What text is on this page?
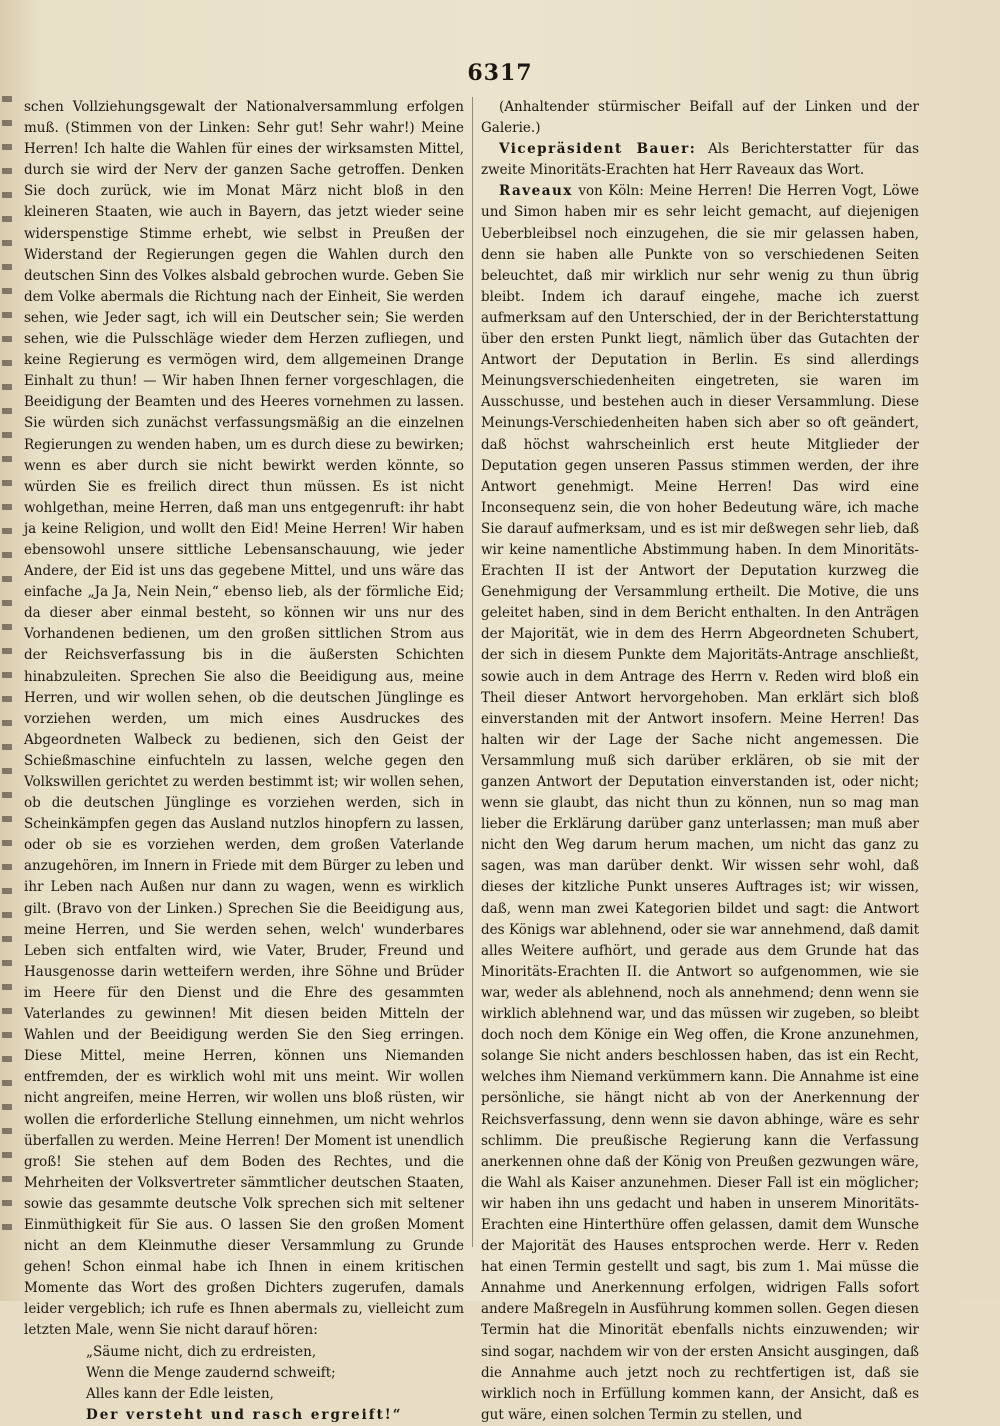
6317

schen Vollziehungsgewalt der Nationalversammlung erfolgen muß. (Stimmen von der Linken: Sehr gut! Sehr wahr!) Meine Herren! Ich halte die Wahlen für eines der wirksamsten Mittel, durch sie wird der Nerv der ganzen Sache getroffen. Denken Sie doch zurück, wie im Monat März nicht bloß in den kleineren Staaten, wie auch in Bayern, das jetzt wieder seine widerspenstige Stimme erhebt, wie selbst in Preußen der Widerstand der Regierungen gegen die Wahlen durch den deutschen Sinn des Volkes alsbald gebrochen wurde. Geben Sie dem Volke abermals die Richtung nach der Einheit, Sie werden sehen, wie Jeder sagt, ich will ein Deutscher sein; Sie werden sehen, wie die Pulsschläge wieder dem Herzen zufliegen, und keine Regierung es vermögen wird, dem allgemeinen Drange Einhalt zu thun! — Wir haben Ihnen ferner vorgeschlagen, die Beeidigung der Beamten und des Heeres vornehmen zu lassen. Sie würden sich zunächst verfassungsmäßig an die einzelnen Regierungen zu wenden haben, um es durch diese zu bewirken; wenn es aber durch sie nicht bewirkt werden könnte, so würden Sie es freilich direct thun müssen. Es ist nicht wohlgethan, meine Herren, daß man uns entgegenruft: ihr habt ja keine Religion, und wollt den Eid! Meine Herren! Wir haben ebensowohl unsere sittliche Lebensanschauung, wie jeder Andere, der Eid ist uns das gegebene Mittel, und uns wäre das einfache „Ja Ja, Nein Nein,“ ebenso lieb, als der förmliche Eid; da dieser aber einmal besteht, so können wir uns nur des Vorhandenen bedienen, um den großen sittlichen Strom aus der Reichsverfassung bis in die äußersten Schichten hinabzuleiten. Sprechen Sie also die Beeidigung aus, meine Herren, und wir wollen sehen, ob die deutschen Jünglinge es vorziehen werden, um mich eines Ausdruckes des Abgeordneten Walbeck zu bedienen, sich den Geist der Schießmaschine einfuchteln zu lassen, welche gegen den Volkswillen gerichtet zu werden bestimmt ist; wir wollen sehen, ob die deutschen Jünglinge es vorziehen werden, sich in Scheinkämpfen gegen das Ausland nutzlos hinopfern zu lassen, oder ob sie es vorziehen werden, dem großen Vaterlande anzugehören, im Innern in Friede mit dem Bürger zu leben und ihr Leben nach Außen nur dann zu wagen, wenn es wirklich gilt. (Bravo von der Linken.) Sprechen Sie die Beeidigung aus, meine Herren, und Sie werden sehen, welch' wunderbares Leben sich entfalten wird, wie Vater, Bruder, Freund und Hausgenosse darin wetteifern werden, ihre Söhne und Brüder im Heere für den Dienst und die Ehre des gesammten Vaterlandes zu gewinnen! Mit diesen beiden Mitteln der Wahlen und der Beeidigung werden Sie den Sieg erringen. Diese Mittel, meine Herren, können uns Niemanden entfremden, der es wirklich wohl mit uns meint. Wir wollen nicht angreifen, meine Herren, wir wollen uns bloß rüsten, wir wollen die erforderliche Stellung einnehmen, um nicht wehrlos überfallen zu werden. Meine Herren! Der Moment ist unendlich groß! Sie stehen auf dem Boden des Rechtes, und die Mehrheiten der Volksvertreter sämmtlicher deutschen Staaten, sowie das gesammte deutsche Volk sprechen sich mit seltener Einmüthigkeit für Sie aus. O lassen Sie den großen Moment nicht an dem Kleinmuthe dieser Versammlung zu Grunde gehen! Schon einmal habe ich Ihnen in einem kritischen Momente das Wort des großen Dichters zugerufen, damals leider vergeblich; ich rufe es Ihnen abermals zu, vielleicht zum letzten Male, wenn Sie nicht darauf hören:

„Säume nicht, dich zu erdreisten,
Wenn die Menge zaudernd schweift;
Alles kann der Edle leisten,
Der versteht und rasch ergreift!“

(Anhaltender stürmischer Beifall auf der Linken und der Galerie.)

Vicepräsident Bauer: Als Berichterstatter für das zweite Minoritäts-Erachten hat Herr Raveaux das Wort.

Raveaux von Köln: Meine Herren! Die Herren Vogt, Löwe und Simon haben mir es sehr leicht gemacht, auf diejenigen Ueberbleibsel noch einzugehen, die sie mir gelassen haben, denn sie haben alle Punkte von so verschiedenen Seiten beleuchtet, daß mir wirklich nur sehr wenig zu thun übrig bleibt. Indem ich darauf eingehe, mache ich zuerst aufmerksam auf den Unterschied, der in der Berichterstattung über den ersten Punkt liegt, nämlich über das Gutachten der Antwort der Deputation in Berlin. Es sind allerdings Meinungsverschiedenheiten eingetreten, sie waren im Ausschusse, und bestehen auch in dieser Versammlung. Diese Meinungs-Verschiedenheiten haben sich aber so oft geändert, daß höchst wahrscheinlich erst heute Mitglieder der Deputation gegen unseren Passus stimmen werden, der ihre Antwort genehmigt. Meine Herren! Das wird eine Inconsequenz sein, die von hoher Bedeutung wäre, ich mache Sie darauf aufmerksam, und es ist mir deßwegen sehr lieb, daß wir keine namentliche Abstimmung haben. In dem Minoritäts-Erachten II ist der Antwort der Deputation kurzweg die Genehmigung der Versammlung ertheilt. Die Motive, die uns geleitet haben, sind in dem Bericht enthalten. In den Anträgen der Majorität, wie in dem des Herrn Abgeordneten Schubert, der sich in diesem Punkte dem Majoritäts-Antrage anschließt, sowie auch in dem Antrage des Herrn v. Reden wird bloß ein Theil dieser Antwort hervorgehoben. Man erklärt sich bloß einverstanden mit der Antwort insofern. Meine Herren! Das halten wir der Lage der Sache nicht angemessen. Die Versammlung muß sich darüber erklären, ob sie mit der ganzen Antwort der Deputation einverstanden ist, oder nicht; wenn sie glaubt, das nicht thun zu können, nun so mag man lieber die Erklärung darüber ganz unterlassen; man muß aber nicht den Weg darum herum machen, um nicht das ganz zu sagen, was man darüber denkt. Wir wissen sehr wohl, daß dieses der kitzliche Punkt unseres Auftrages ist; wir wissen, daß, wenn man zwei Kategorien bildet und sagt: die Antwort des Königs war ablehnend, oder sie war annehmend, daß damit alles Weitere aufhört, und gerade aus dem Grunde hat das Minoritäts-Erachten II. die Antwort so aufgenommen, wie sie war, weder als ablehnend, noch als annehmend; denn wenn sie wirklich ablehnend war, und das müssen wir zugeben, so bleibt doch noch dem Könige ein Weg offen, die Krone anzunehmen, solange Sie nicht anders beschlossen haben, das ist ein Recht, welches ihm Niemand verkümmern kann. Die Annahme ist eine persönliche, sie hängt nicht ab von der Anerkennung der Reichsverfassung, denn wenn sie davon abhinge, wäre es sehr schlimm. Die preußische Regierung kann die Verfassung anerkennen ohne daß der König von Preußen gezwungen wäre, die Wahl als Kaiser anzunehmen. Dieser Fall ist ein möglicher; wir haben ihn uns gedacht und haben in unserem Minoritäts-Erachten eine Hinterthüre offen gelassen, damit dem Wunsche der Majorität des Hauses entsprochen werde. Herr v. Reden hat einen Termin gestellt und sagt, bis zum 1. Mai müsse die Annahme und Anerkennung erfolgen, widrigen Falls sofort andere Maßregeln in Ausführung kommen sollen. Gegen diesen Termin hat die Minorität ebenfalls nichts einzuwenden; wir sind sogar, nachdem wir von der ersten Ansicht ausgingen, daß die Annahme auch jetzt noch zu rechtfertigen ist, daß sie wirklich noch in Erfüllung kommen kann, der Ansicht, daß es gut wäre, einen solchen Termin zu stellen, und
